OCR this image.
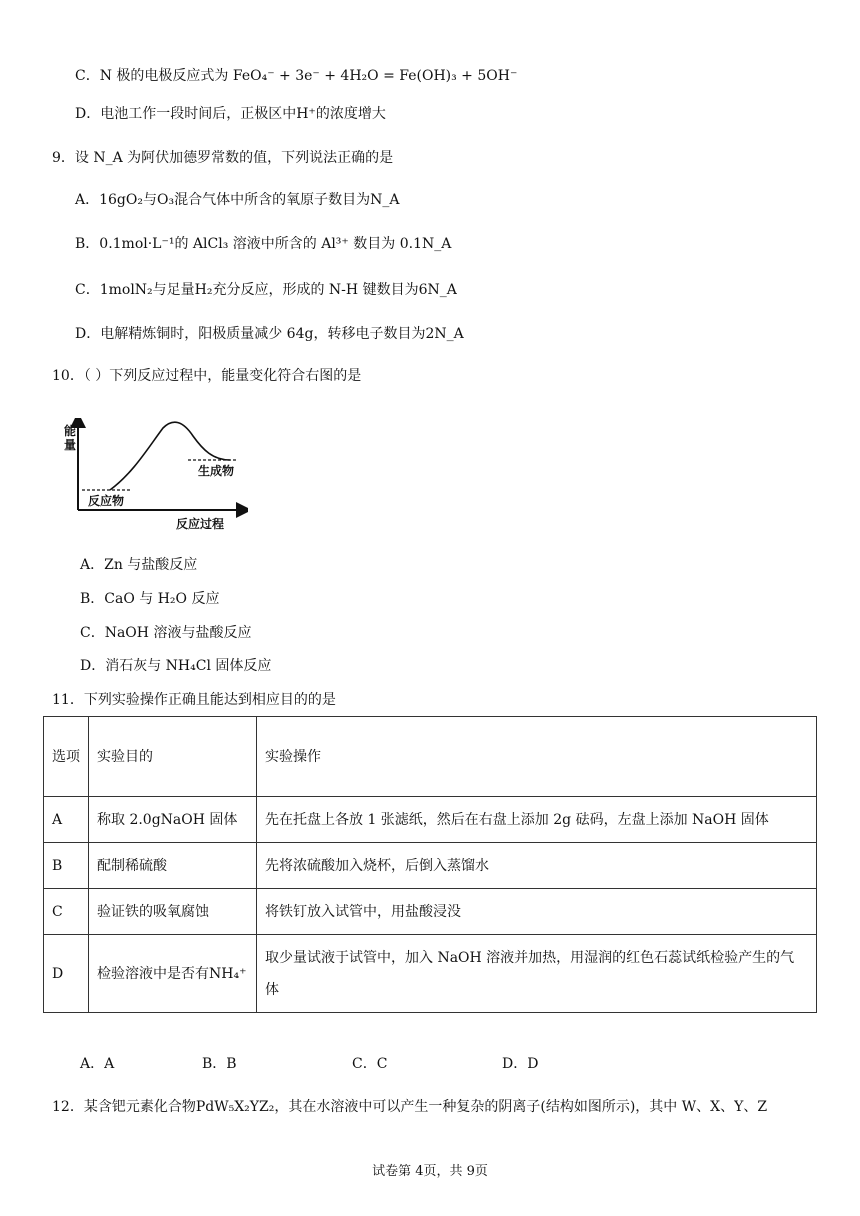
C．N 极的电极反应式为 FeO₄⁻ + 3e⁻ + 4H₂O = Fe(OH)₃ + 5OH⁻
D．电池工作一段时间后，正极区中H⁺的浓度增大
9．设 N_A 为阿伏加德罗常数的值，下列说法正确的是
A．16gO₂与O₃混合气体中所含的氧原子数目为N_A
B．0.1mol·L⁻¹的 AlCl₃ 溶液中所含的 Al³⁺ 数目为 0.1N_A
C．1molN₂与足量H₂充分反应，形成的 N-H 键数目为6N_A
D．电解精炼铜时，阳极质量减少 64g，转移电子数目为2N_A
10．（ ）下列反应过程中，能量变化符合右图的是
能量
反应物
生成物
反应过程
A．Zn 与盐酸反应
B．CaO 与 H₂O 反应
C．NaOH 溶液与盐酸反应
D．消石灰与 NH₄Cl 固体反应
11．下列实验操作正确且能达到相应目的的是
选项	实验目的	实验操作
A	称取 2.0gNaOH 固体	先在托盘上各放 1 张滤纸，然后在右盘上添加 2g 砝码，左盘上添加 NaOH 固体
B	配制稀硫酸	先将浓硫酸加入烧杯，后倒入蒸馏水
C	验证铁的吸氧腐蚀	将铁钉放入试管中，用盐酸浸没
D	检验溶液中是否有NH₄⁺	取少量试液于试管中，加入 NaOH 溶液并加热，用湿润的红色石蕊试纸检验产生的气体
A．A	B．B	C．C	D．D
12．某含钯元素化合物PdW₅X₂YZ₂，其在水溶液中可以产生一种复杂的阴离子(结构如图所示)，其中 W、X、Y、Z
试卷第 4页，共 9页
